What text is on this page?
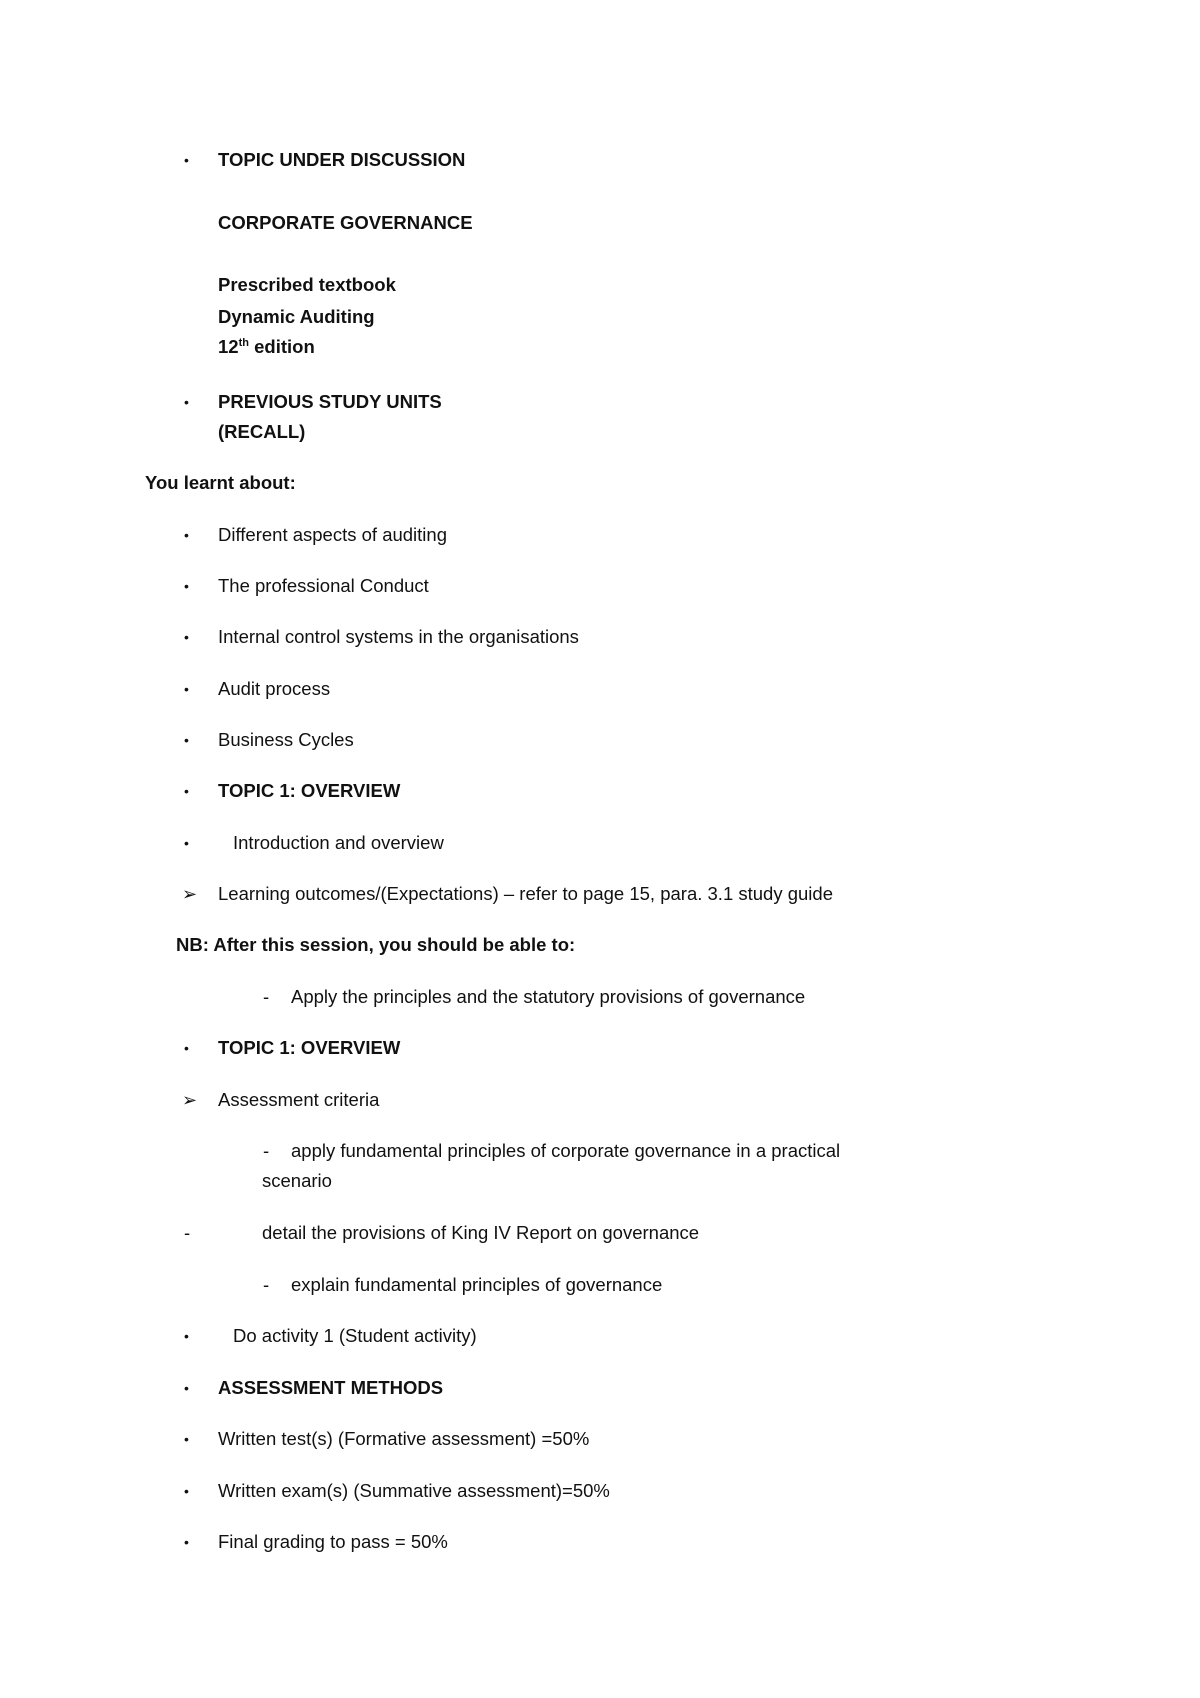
• TOPIC UNDER DISCUSSION
CORPORATE GOVERNANCE
Prescribed textbook
Dynamic Auditing
12th edition
• PREVIOUS STUDY UNITS
(RECALL)
You learnt about:
• Different aspects of auditing
• The professional Conduct
• Internal control systems in the organisations
• Audit process
• Business Cycles
• TOPIC 1: OVERVIEW
• Introduction and overview
➢ Learning outcomes/(Expectations) – refer to page 15, para. 3.1 study guide
NB: After this session, you should be able to:
- Apply the principles and the statutory provisions of governance
• TOPIC 1: OVERVIEW
➢ Assessment criteria
- apply fundamental principles of corporate governance in a practical
scenario
-	detail the provisions of King IV Report on governance
- explain fundamental principles of governance
• Do activity 1 (Student activity)
• ASSESSMENT METHODS
• Written test(s) (Formative assessment) =50%
• Written exam(s) (Summative assessment)=50%
• Final grading to pass = 50%
